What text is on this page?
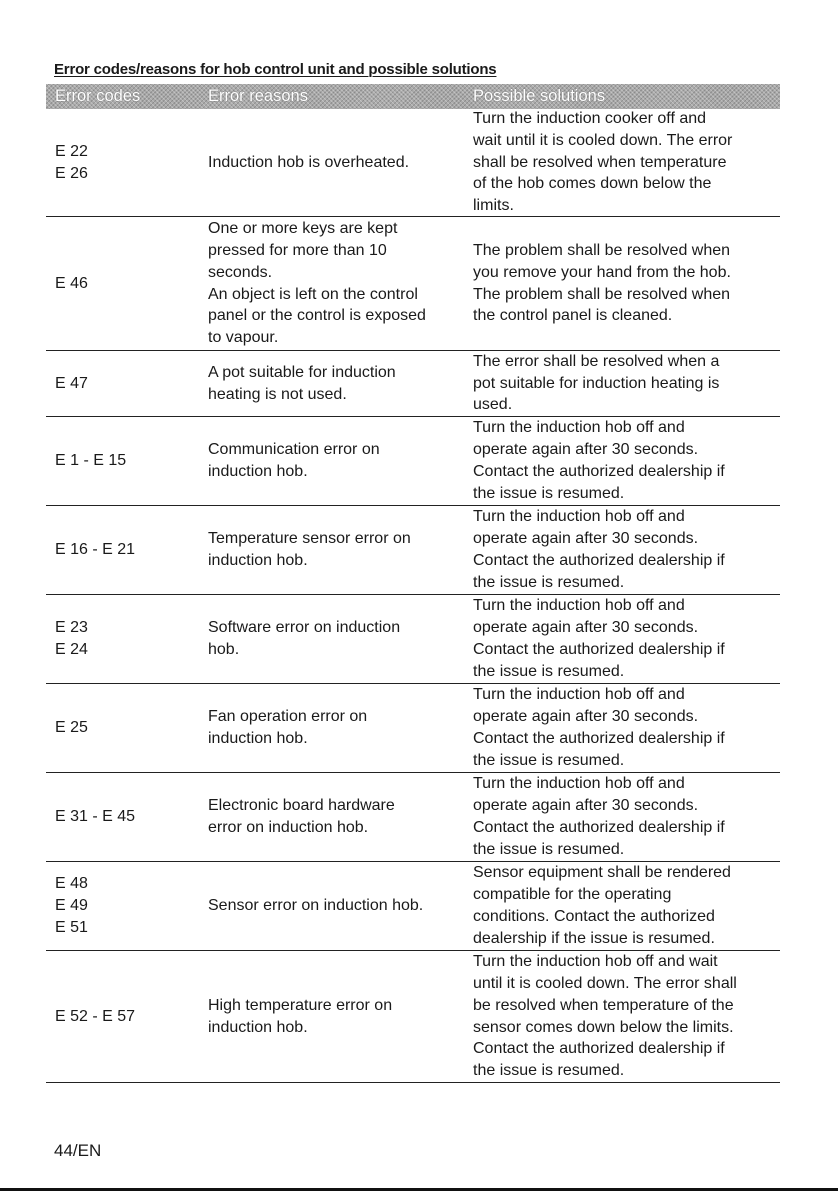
Error codes/reasons for hob control unit and possible solutions
Error codes	Error reasons	Possible solutions
E 22
E 26
Induction hob is overheated.
Turn the induction cooker off and
wait until it is cooled down. The error
shall be resolved when temperature
of the hob comes down below the
limits.
E 46
One or more keys are kept
pressed for more than 10
seconds.
An object is left on the control
panel or the control is exposed
to vapour.
The problem shall be resolved when
you remove your hand from the hob.
The problem shall be resolved when
the control panel is cleaned.
E 47
A pot suitable for induction
heating is not used.
The error shall be resolved when a
pot suitable for induction heating is
used.
E 1 - E 15
Communication error on
induction hob.
Turn the induction hob off and
operate again after 30 seconds.
Contact the authorized dealership if
the issue is resumed.
E 16 - E 21
Temperature sensor error on
induction hob.
Turn the induction hob off and
operate again after 30 seconds.
Contact the authorized dealership if
the issue is resumed.
E 23
E 24
Software error on induction
hob.
Turn the induction hob off and
operate again after 30 seconds.
Contact the authorized dealership if
the issue is resumed.
E 25
Fan operation error on
induction hob.
Turn the induction hob off and
operate again after 30 seconds.
Contact the authorized dealership if
the issue is resumed.
E 31 - E 45
Electronic board hardware
error on induction hob.
Turn the induction hob off and
operate again after 30 seconds.
Contact the authorized dealership if
the issue is resumed.
E 48
E 49
E 51
Sensor error on induction hob.
Sensor equipment shall be rendered
compatible for the operating
conditions. Contact the authorized
dealership if the issue is resumed.
E 52 - E 57
High temperature error on
induction hob.
Turn the induction hob off and wait
until it is cooled down. The error shall
be resolved when temperature of the
sensor comes down below the limits.
Contact the authorized dealership if
the issue is resumed.
44/EN
